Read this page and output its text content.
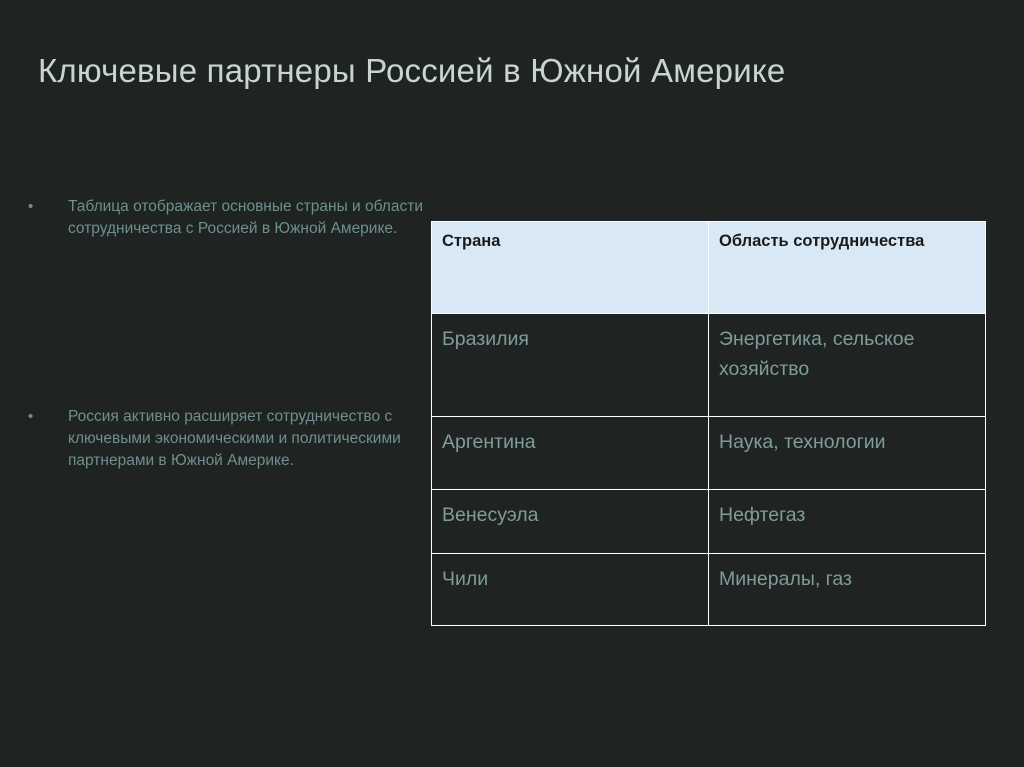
Ключевые партнеры Россией в Южной Америке
• Таблица отображает основные страны и области сотрудничества с Россией в Южной Америке.
• Россия активно расширяет сотрудничество с ключевыми экономическими и политическими партнерами в Южной Америке.
Страна	Область сотрудничества
Бразилия	Энергетика, сельское хозяйство
Аргентина	Наука, технологии
Венесуэла	Нефтегаз
Чили	Минералы, газ
